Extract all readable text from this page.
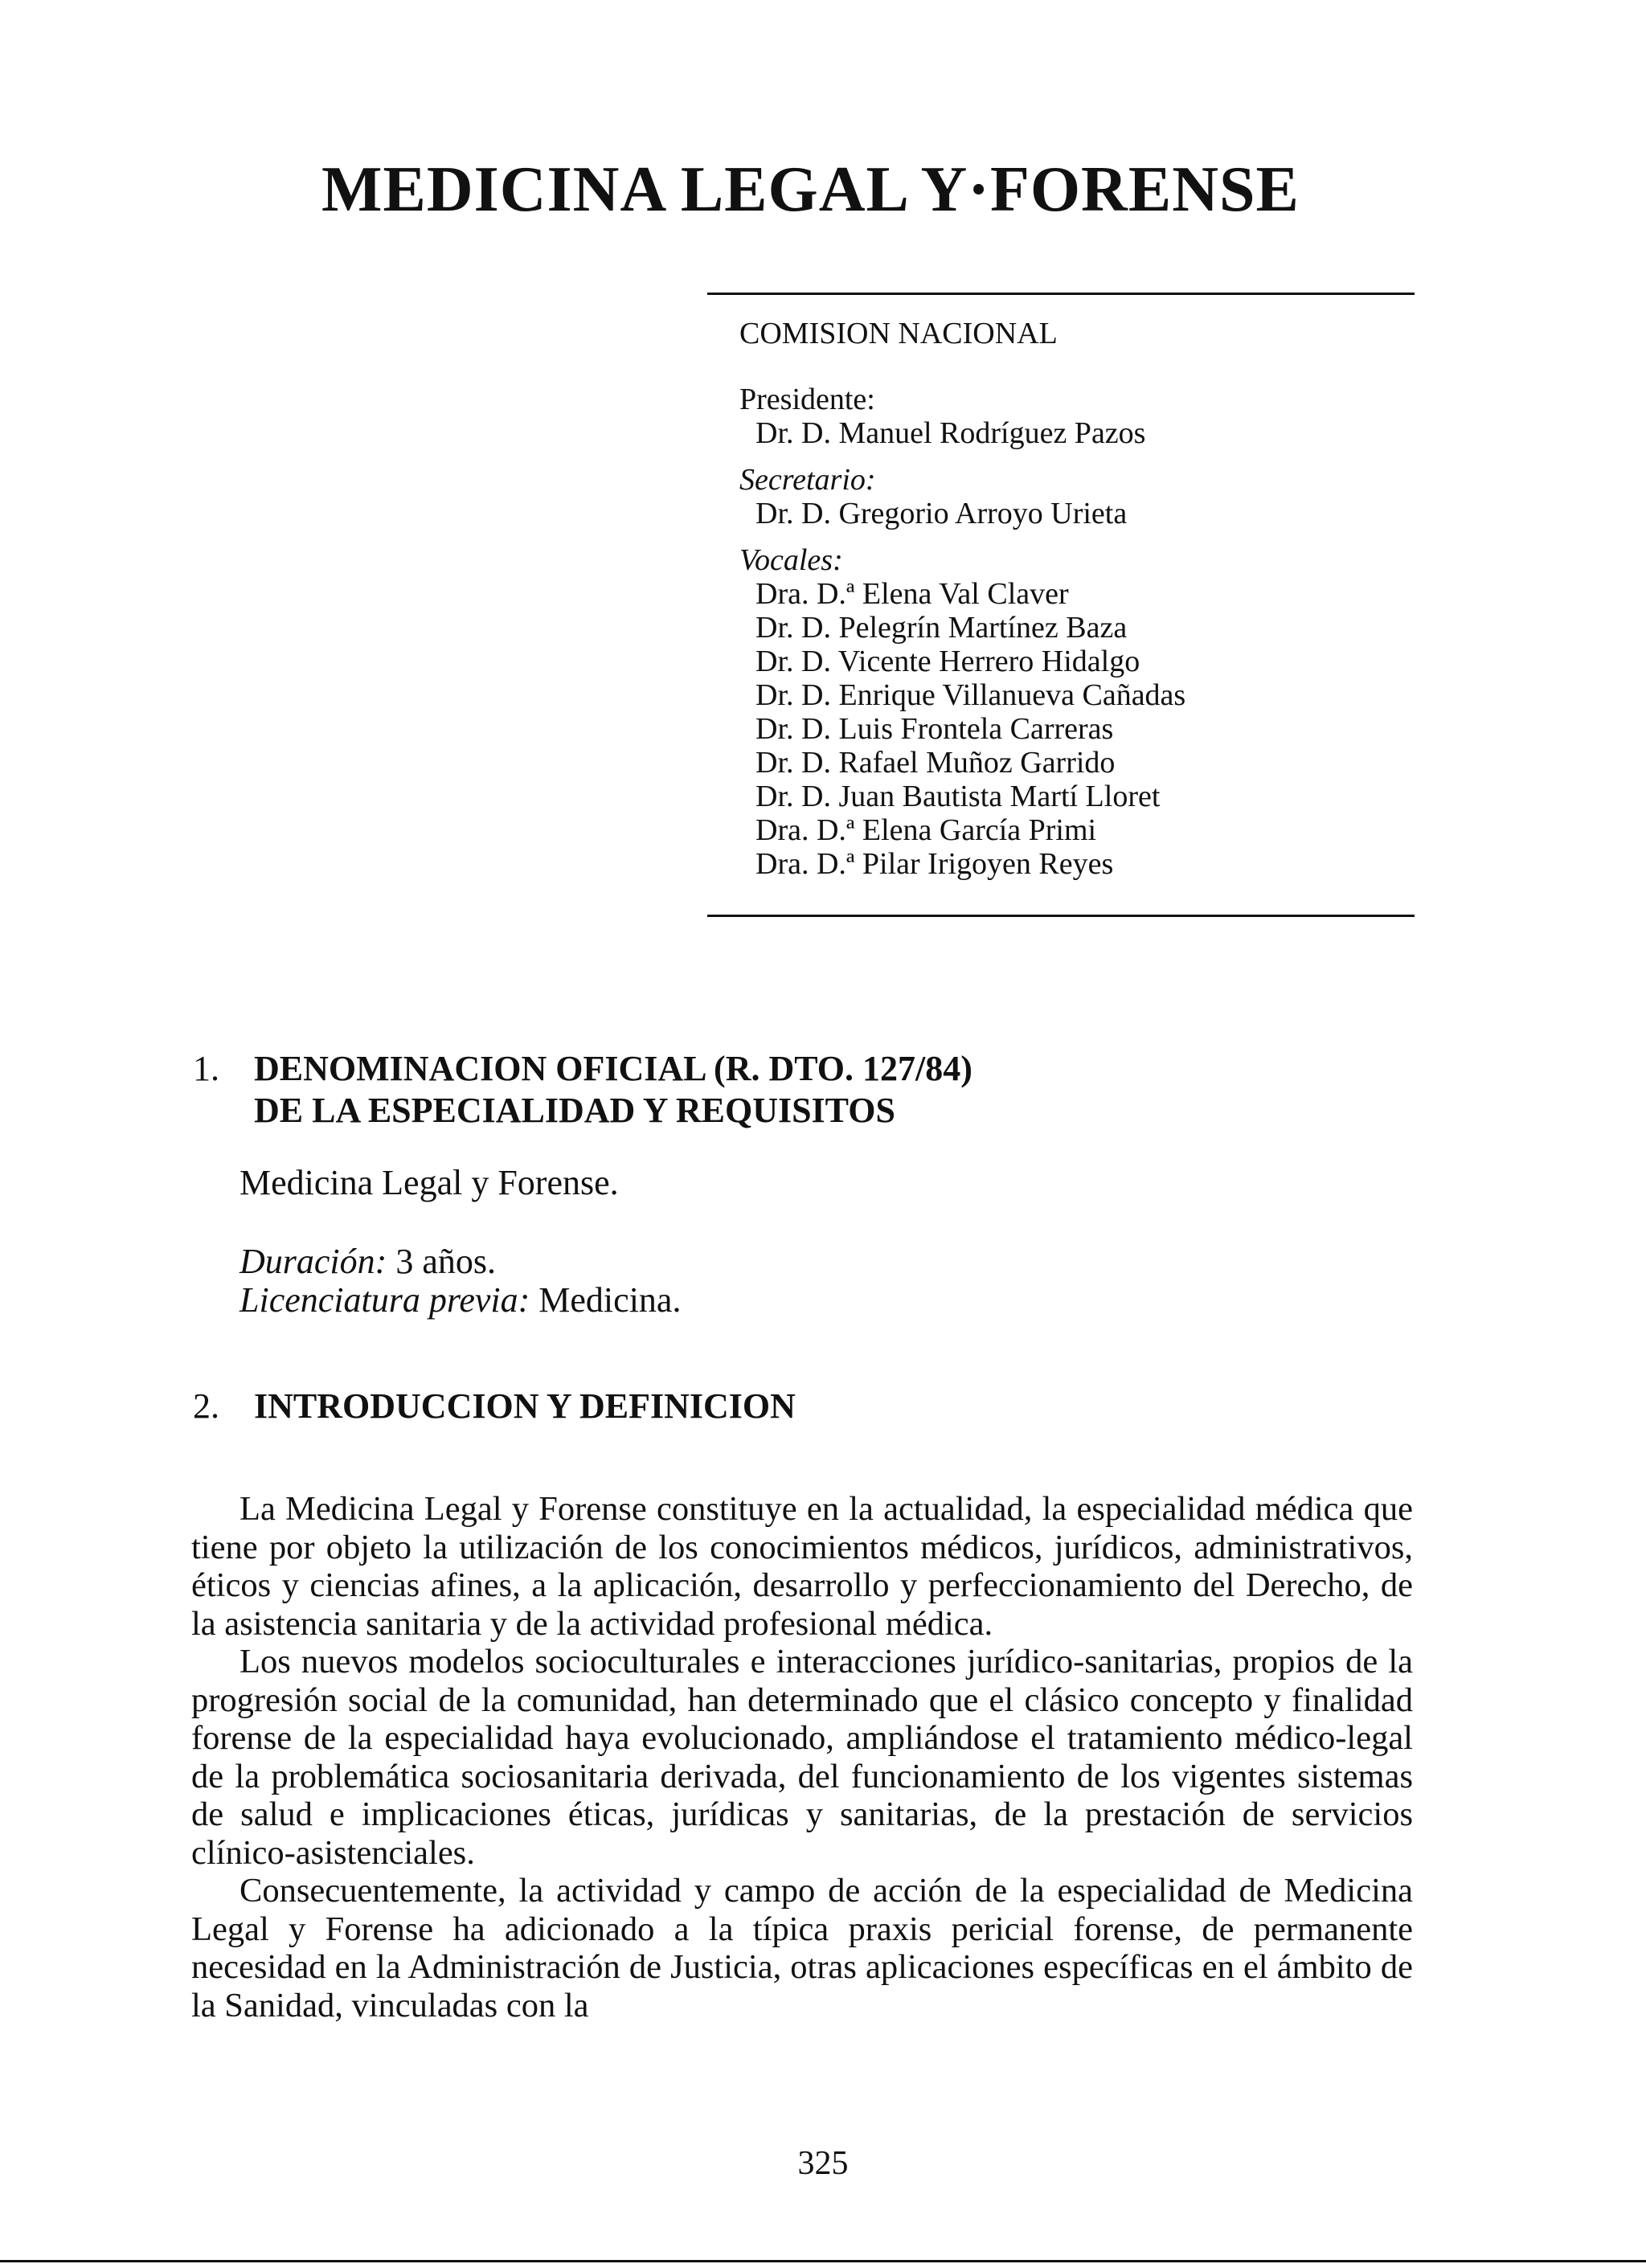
MEDICINA LEGAL Y·FORENSE

COMISION NACIONAL

Presidente:

Dr. D. Manuel Rodríguez Pazos

Secretario:

Dr. D. Gregorio Arroyo Urieta

Vocales:

Dra. D.ª Elena Val Claver

Dr. D. Pelegrín Martínez Baza

Dr. D. Vicente Herrero Hidalgo

Dr. D. Enrique Villanueva Cañadas

Dr. D. Luis Frontela Carreras

Dr. D. Rafael Muñoz Garrido

Dr. D. Juan Bautista Martí Lloret

Dra. D.ª Elena García Primi

Dra. D.ª Pilar Irigoyen Reyes

1. DENOMINACION OFICIAL (R. DTO. 127/84)
DE LA ESPECIALIDAD Y REQUISITOS

Medicina Legal y Forense.

Duración: 3 años.

Licenciatura previa: Medicina.

2. INTRODUCCION Y DEFINICION

La Medicina Legal y Forense constituye en la actualidad, la especialidad médica que tiene por objeto la utilización de los conocimientos médicos, jurídicos, administrativos, éticos y ciencias afines, a la aplicación, desarrollo y perfeccionamiento del Derecho, de la asistencia sanitaria y de la actividad profesional médica.

Los nuevos modelos socioculturales e interacciones jurídico-sanitarias, propios de la progresión social de la comunidad, han determinado que el clásico concepto y finalidad forense de la especialidad haya evolucionado, ampliándose el tratamiento médico-legal de la problemática sociosanitaria derivada, del funcionamiento de los vigentes sistemas de salud e implicaciones éticas, jurídicas y sanitarias, de la prestación de servicios clínico-asistenciales.

Consecuentemente, la actividad y campo de acción de la especialidad de Medicina Legal y Forense ha adicionado a la típica praxis pericial forense, de permanente necesidad en la Administración de Justicia, otras aplicaciones específicas en el ámbito de la Sanidad, vinculadas con la

325
